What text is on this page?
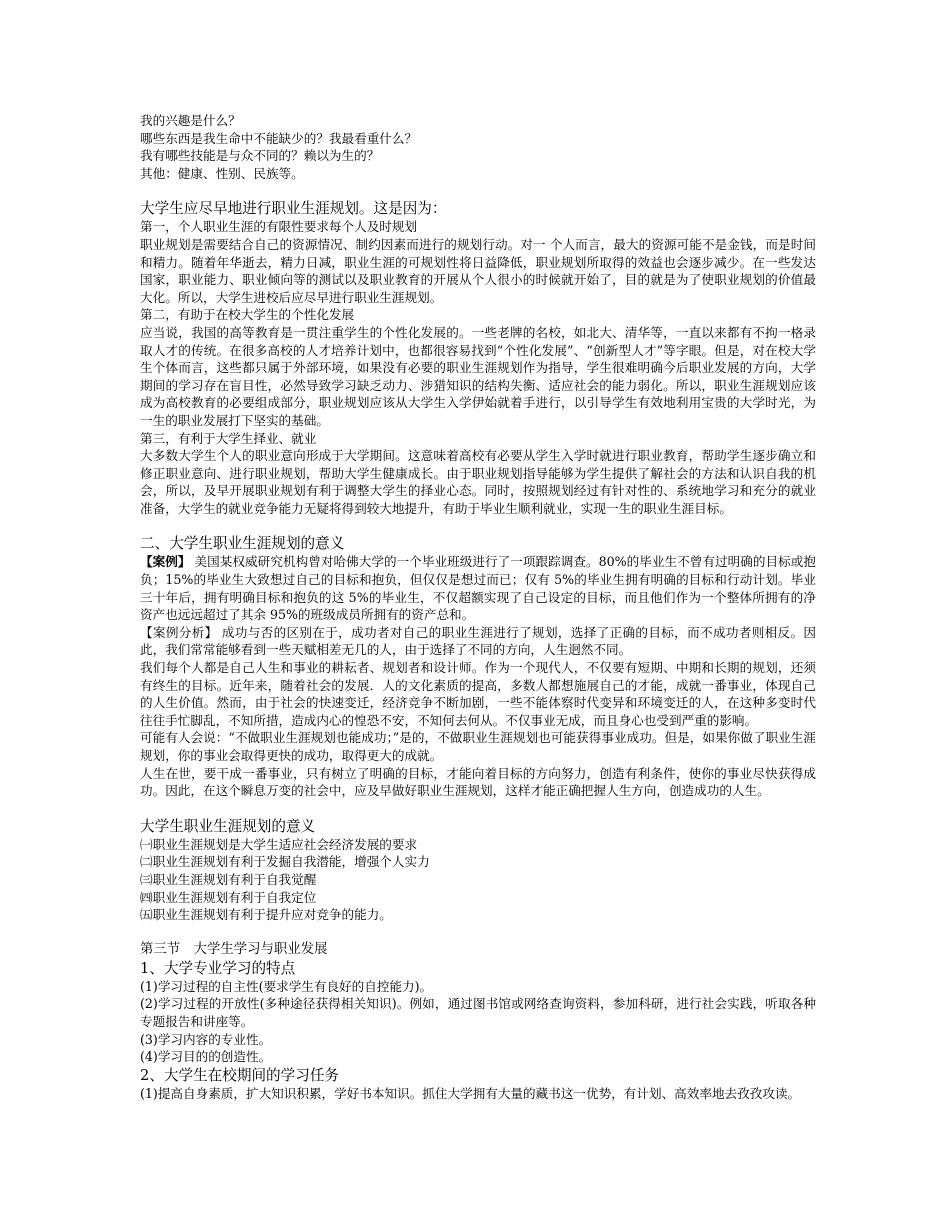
我的兴趣是什么？

哪些东西是我生命中不能缺少的？我最看重什么？

我有哪些技能是与众不同的？赖以为生的？

其他：健康、性别、民族等。

大学生应尽早地进行职业生涯规划。这是因为：

第一，个人职业生涯的有限性要求每个人及时规划

职业规划是需要结合自己的资源情况、制约因素而进行的规划行动。对一 个人而言，最大的资源可能不是金钱，而是时间和精力。随着年华逝去，精力日减，职业生涯的可规划性将日益降低，职业规划所取得的效益也会逐步减少。在一些发达国家，职业能力、职业倾向等的测试以及职业教育的开展从个人很小的时候就开始了，目的就是为了使职业规划的价值最大化。所以，大学生进校后应尽早进行职业生涯规划。

第二，有助于在校大学生的个性化发展

应当说，我国的高等教育是一贯注重学生的个性化发展的。一些老牌的名校，如北大、清华等，一直以来都有不拘一格录取人才的传统。在很多高校的人才培养计划中，也都很容易找到“个性化发展”、“创新型人才”等字眼。但是，对在校大学生个体而言，这些都只属于外部环境，如果没有必要的职业生涯规划作为指导，学生很难明确今后职业发展的方向，大学期间的学习存在盲目性，必然导致学习缺乏动力、涉猎知识的结构失衡、适应社会的能力弱化。所以，职业生涯规划应该成为高校教育的必要组成部分，职业规划应该从大学生入学伊始就着手进行，以引导学生有效地利用宝贵的大学时光，为一生的职业发展打下坚实的基础。

第三，有利于大学生择业、就业

大多数大学生个人的职业意向形成于大学期间。这意味着高校有必要从学生入学时就进行职业教育，帮助学生逐步确立和修正职业意向、进行职业规划，帮助大学生健康成长。由于职业规划指导能够为学生提供了解社会的方法和认识自我的机会，所以，及早开展职业规划有利于调整大学生的择业心态。同时，按照规划经过有针对性的、系统地学习和充分的就业准备，大学生的就业竞争能力无疑将得到较大地提升，有助于毕业生顺利就业，实现一生的职业生涯目标。

二、大学生职业生涯规划的意义

【案例】 美国某权威研究机构曾对哈佛大学的一个毕业班级进行了一项跟踪调查。80%的毕业生不曾有过明确的目标或抱负；15%的毕业生大致想过自己的目标和抱负，但仅仅是想过而已；仅有 5%的毕业生拥有明确的目标和行动计划。毕业三十年后，拥有明确目标和抱负的这 5%的毕业生，不仅超额实现了自己设定的目标，而且他们作为一个整体所拥有的净资产也远远超过了其余 95%的班级成员所拥有的资产总和。

【案例分析】 成功与否的区别在于，成功者对自己的职业生涯进行了规划，选择了正确的目标，而不成功者则相反。因此，我们常常能够看到一些天赋相差无几的人，由于选择了不同的方向，人生迥然不同。

我们每个人都是自己人生和事业的耕耘者、规划者和设计师。作为一个现代人，不仅要有短期、中期和长期的规划，还须有终生的目标。近年来，随着社会的发展．人的文化素质的提高，多数人都想施展自己的才能，成就一番事业，体现自己的人生价值。然而，由于社会的快速变迁，经济竞争不断加剧，一些不能体察时代变异和环境变迁的人，在这种多变时代往往手忙脚乱，不知所措，造成内心的惶恐不安，不知何去何从。不仅事业无成，而且身心也受到严重的影响。

可能有人会说：“不做职业生涯规划也能成功；”是的，不做职业生涯规划也可能获得事业成功。但是，如果你做了职业生涯规划，你的事业会取得更快的成功，取得更大的成就。

人生在世，要干成一番事业，只有树立了明确的目标，才能向着目标的方向努力，创造有利条件，使你的事业尽快获得成功。因此，在这个瞬息万变的社会中，应及早做好职业生涯规划，这样才能正确把握人生方向，创造成功的人生。

大学生职业生涯规划的意义

㈠职业生涯规划是大学生适应社会经济发展的要求

㈡职业生涯规划有利于发掘自我潜能，增强个人实力

㈢职业生涯规划有利于自我觉醒

㈣职业生涯规划有利于自我定位

㈤职业生涯规划有利于提升应对竞争的能力。

第三节　大学生学习与职业发展

1、大学专业学习的特点

(1)学习过程的自主性(要求学生有良好的自控能力)。

(2)学习过程的开放性(多种途径获得相关知识)。例如，通过图书馆或网络查询资料，参加科研，进行社会实践，听取各种专题报告和讲座等。

(3)学习内容的专业性。

(4)学习目的的创造性。

2、大学生在校期间的学习任务

(1)提高自身素质，扩大知识积累，学好书本知识。抓住大学拥有大量的藏书这一优势，有计划、高效率地去孜孜攻读。
